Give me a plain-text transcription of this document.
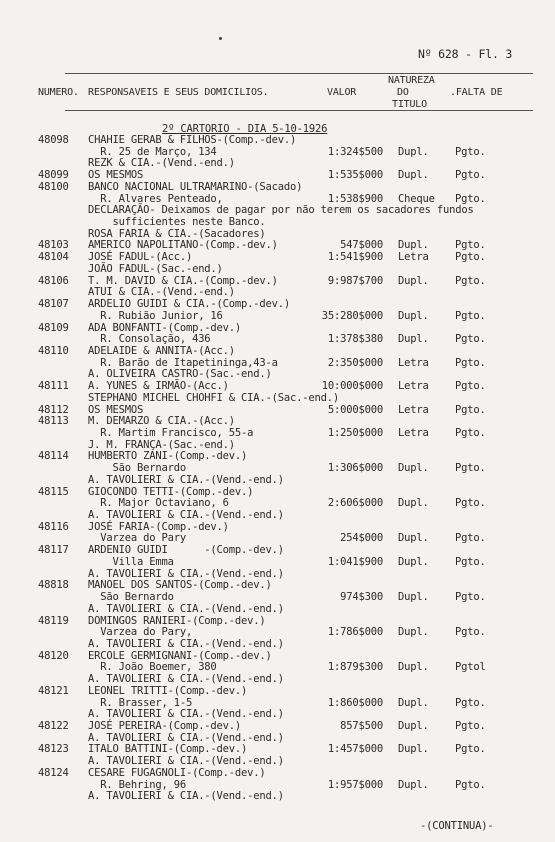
Nº 628 - Fl. 3
NUMERO. RESPONSAVEIS E SEUS DOMICILIOS.	VALOR
NATUREZA
DO
TITULO
.FALTA DE
2º CARTORIO - DIA 5-10-1926
48098 CHAHIE GERAB & FILHOS-(Comp.-dev.)
R. 25 de Março, 134	1:324$500 Dupl.	Pgto.
REZK & CIA.-(Vend.-end.)
48099 OS MESMOS	1:535$000 Dupl.	Pgto.
48100 BANCO NACIONAL ULTRAMARINO-(Sacado)
R. Alvares Penteado,	1:538$900 Cheque Pgto.
DECLARAÇÃO- Deixamos de pagar por não terem os sacadores fundos
sufficientes neste Banco.
ROSA FARIA & CIA.-(Sacadores)
48103 AMERICO NAPOLITANO-(Comp.-dev.)	547$000 Dupl.	Pgto.
48104 JOSÉ FADUL-(Acc.)	1:541$900 Letra	Pgto.
JOÃO FADUL-(Sac.-end.)
48106 T. M. DAVID & CIA.-(Comp.-dev.)	9:987$700 Dupl.	Pgto.
ATUI & CIA.-(Vend.-end.)
48107 ARDELIO GUIDI & CIA.-(Comp.-dev.)
R. Rubião Junior, 16	35:280$000 Dupl.	Pgto.
48109 ADA BONFANTI-(Comp.-dev.)
R. Consolação, 436	1:378$380 Dupl.	Pgto.
48110 ADELAIDE & ANNITA-(Acc.)
R. Barão de Itapetininga,43-a	2:350$000 Letra	Pgto.
A. OLIVEIRA CASTRO-(Sac.-end.)
48111 A. YUNES & IRMÃO-(Acc.)	10:000$000 Letra	Pgto.
STEPHANO MICHEL CHOHFI & CIA.-(Sac.-end.)
48112 OS MESMOS	5:000$000 Letra	Pgto.
48113 M. DEMARZO & CIA.-(Acc.)
R. Martim Francisco, 55-a	1:250$000 Letra	Pgto.
J. M. FRANÇA-(Sac.-end.)
48114 HUMBERTO ZANI-(Comp.-dev.)
São Bernardo	1:306$000 Dupl.	Pgto.
A. TAVOLIERI & CIA.-(Vend.-end.)
48115 GIOCONDO TETTI-(Comp.-dev.)
R. Major Octaviano, 6	2:606$000 Dupl.	Pgto.
A. TAVOLIERI & CIA.-(Vend.-end.)
48116 JOSÉ FARIA-(Comp.-dev.)
Varzea do Pary	254$000 Dupl.	Pgto.
48117 ARDENIO GUIDI      -(Comp.-dev.)
Villa Emma	1:041$900 Dupl.	Pgto.
A. TAVOLIERI & CIA.-(Vend.-end.)
48818 MANOEL DOS SANTOS-(Comp.-dev.)
São Bernardo	974$300 Dupl.	Pgto.
A. TAVOLIERI & CIA.-(Vend.-end.)
48119 DOMINGOS RANIERI-(Comp.-dev.)
Varzea do Pary,	1:786$000 Dupl.	Pgto.
A. TAVOLIERI & CIA.-(Vend.-end.)
48120 ERCOLE GERMIGNANI-(Comp.-dev.)
R. João Boemer, 380	1:879$300 Dupl.	Pgtol
A. TAVOLIERI & CIA.-(Vend.-end.)
48121 LEONEL TRITTI-(Comp.-dev.)
R. Brasser, 1-5	1:860$000 Dupl.	Pgto.
A. TAVOLIERI & CIA.-(Vend.-end.)
48122 JOSÉ PEREIRA-(Comp.-dev.)	857$500 Dupl.	Pgto.
A. TAVOLIERI & CIA.-(Vend.-end.)
48123 ITALO BATTINI-(Comp.-dev.)	1:457$000 Dupl.	Pgto.
A. TAVOLIERI & CIA.-(Vend.-end.)
48124 CESARE FUGAGNOLI-(Comp.-dev.)
R. Behring, 96	1:957$000 Dupl.	Pgto.
A. TAVOLIERI & CIA.-(Vend.-end.)
-(CONTINUA)-
